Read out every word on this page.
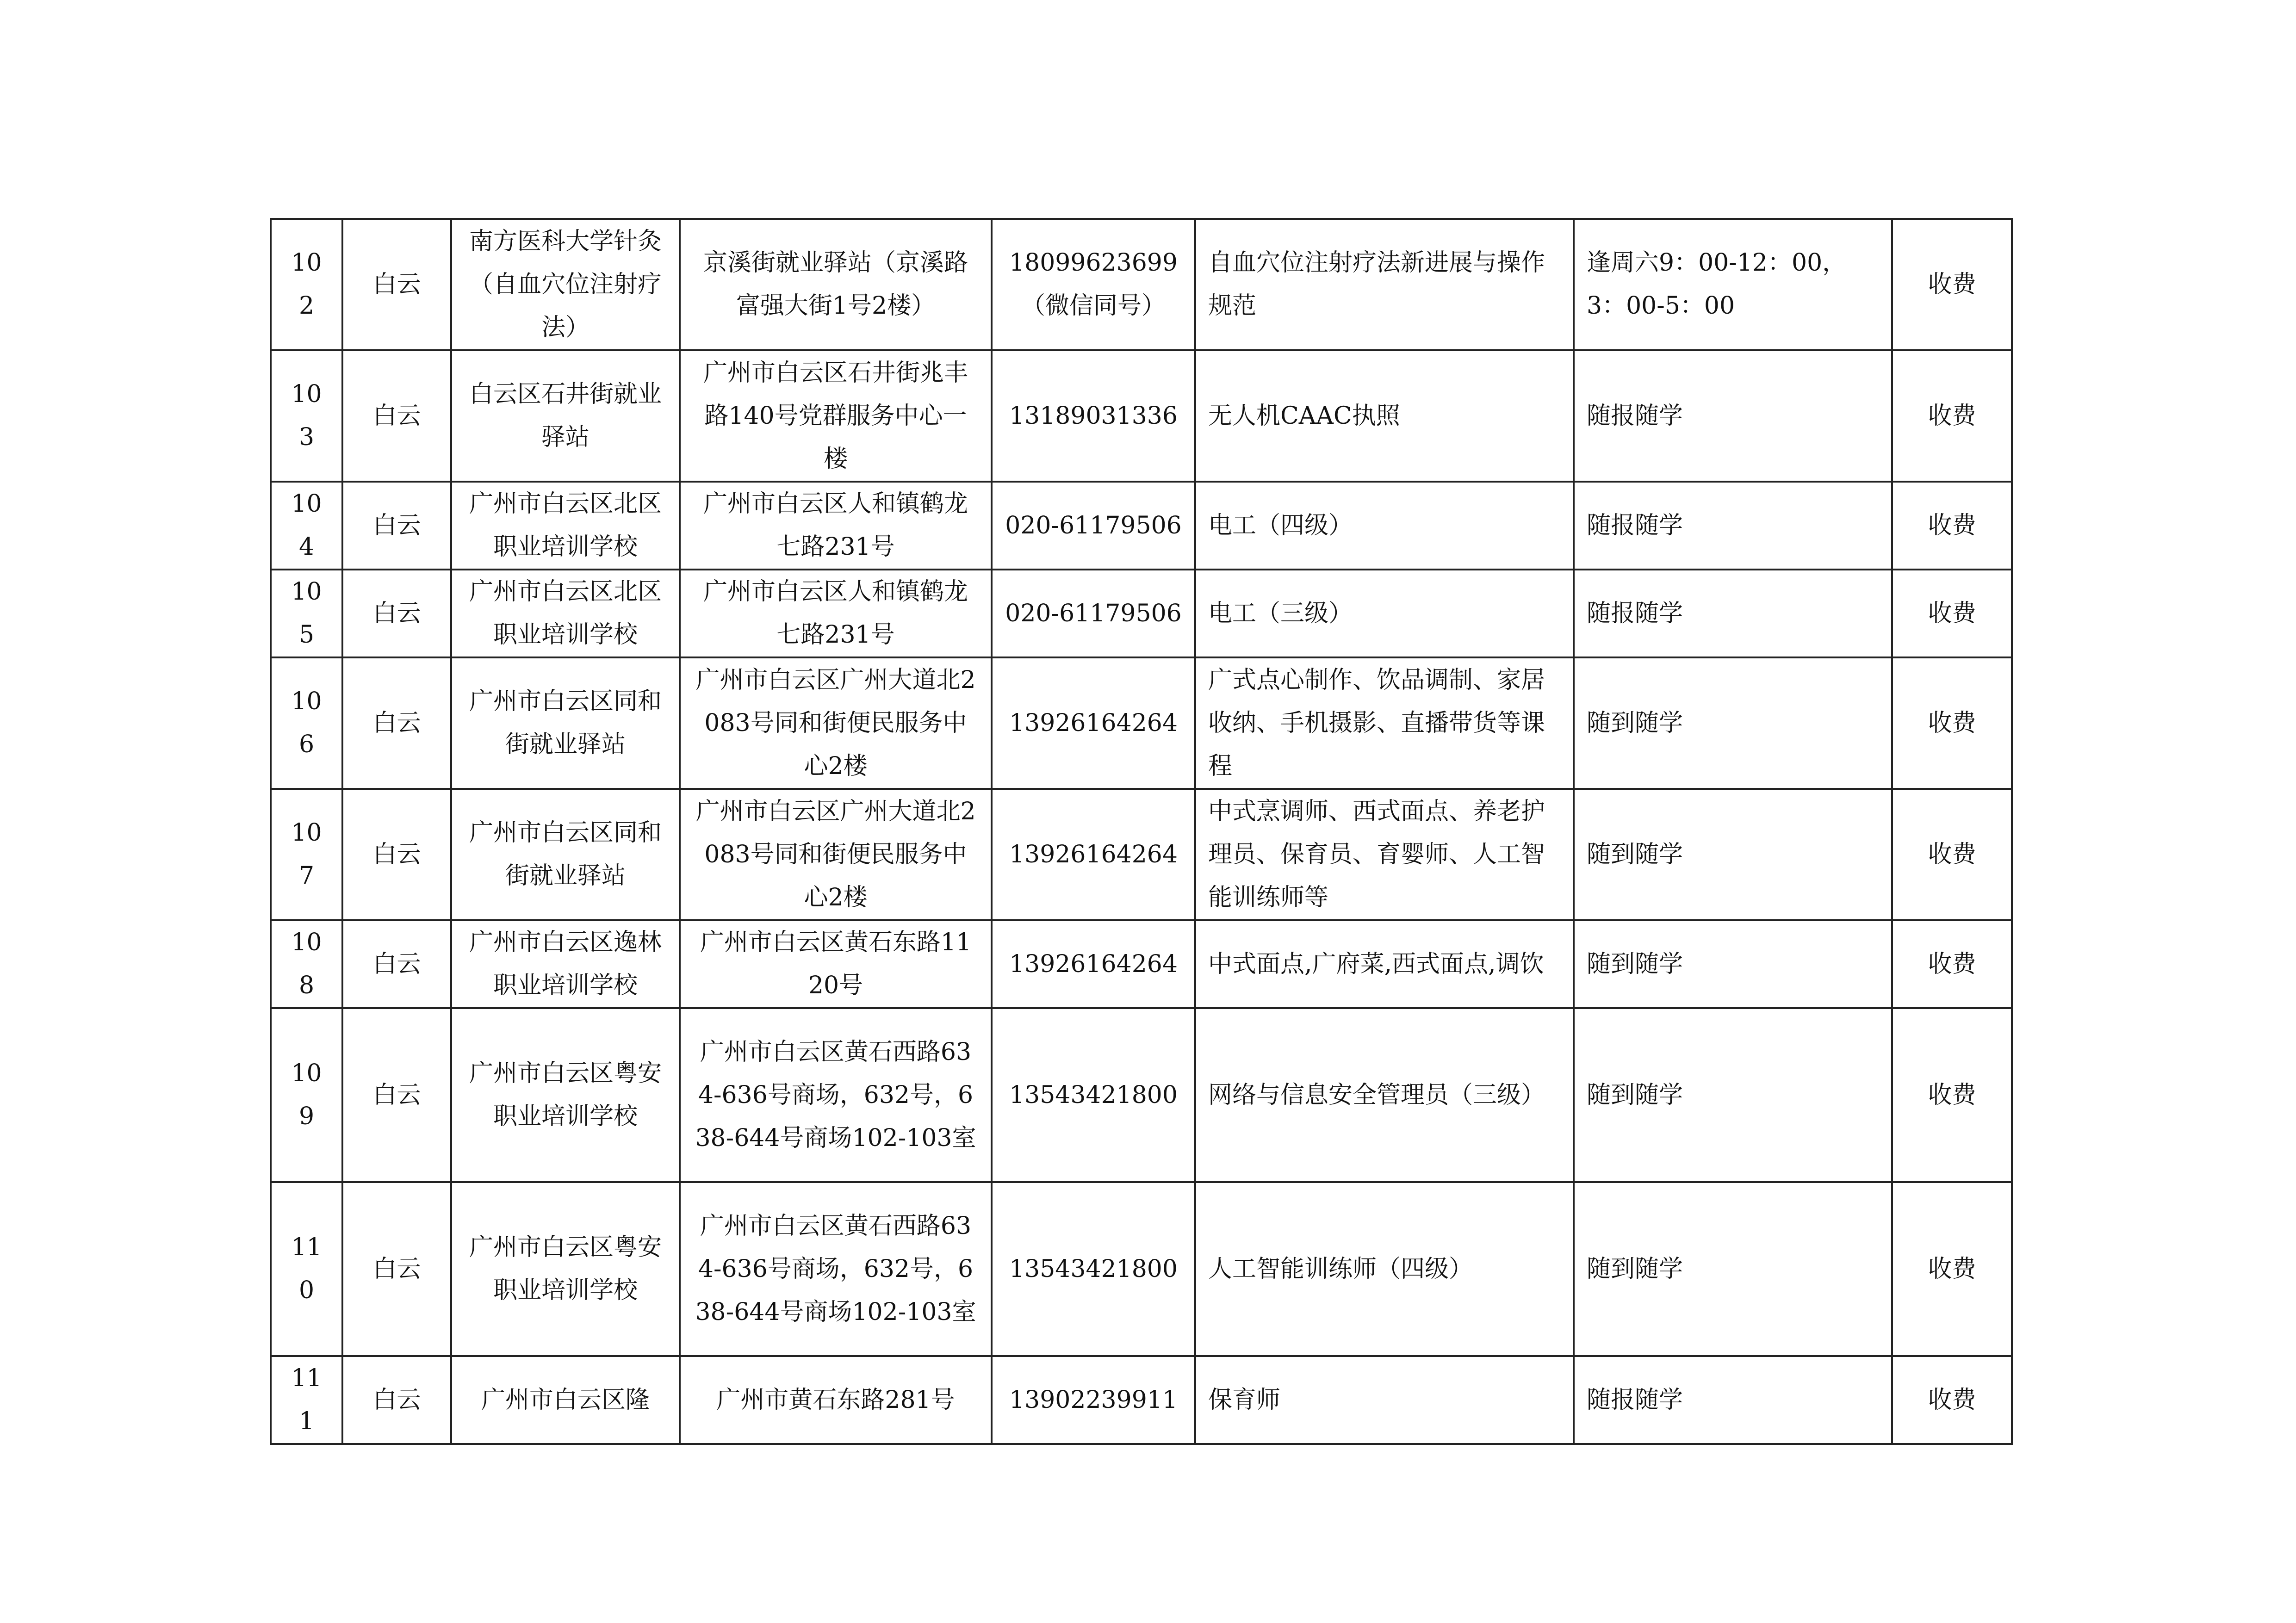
102	白云	南方医科大学针灸（自血穴位注射疗法）	京溪街就业驿站（京溪路富强大街1号2楼）	18099623699（微信同号）	自血穴位注射疗法新进展与操作规范	逢周六9：00-12：00，3：00-5：00	收费
103	白云	白云区石井街就业驿站	广州市白云区石井街兆丰路140号党群服务中心一楼	13189031336	无人机CAAC执照	随报随学	收费
104	白云	广州市白云区北区职业培训学校	广州市白云区人和镇鹤龙七路231号	020-61179506	电工（四级）	随报随学	收费
105	白云	广州市白云区北区职业培训学校	广州市白云区人和镇鹤龙七路231号	020-61179506	电工（三级）	随报随学	收费
106	白云	广州市白云区同和街就业驿站	广州市白云区广州大道北2083号同和街便民服务中心2楼	13926164264	广式点心制作、饮品调制、家居收纳、手机摄影、直播带货等课程	随到随学	收费
107	白云	广州市白云区同和街就业驿站	广州市白云区广州大道北2083号同和街便民服务中心2楼	13926164264	中式烹调师、西式面点、养老护理员、保育员、育婴师、人工智能训练师等	随到随学	收费
108	白云	广州市白云区逸林职业培训学校	广州市白云区黄石东路1120号	13926164264	中式面点,广府菜,西式面点,调饮	随到随学	收费
109	白云	广州市白云区粤安职业培训学校	广州市白云区黄石西路634-636号商场，632号，638-644号商场102-103室	13543421800	网络与信息安全管理员（三级）	随到随学	收费
110	白云	广州市白云区粤安职业培训学校	广州市白云区黄石西路634-636号商场，632号，638-644号商场102-103室	13543421800	人工智能训练师（四级）	随到随学	收费
111	白云	广州市白云区隆	广州市黄石东路281号	13902239911	保育师	随报随学	收费
